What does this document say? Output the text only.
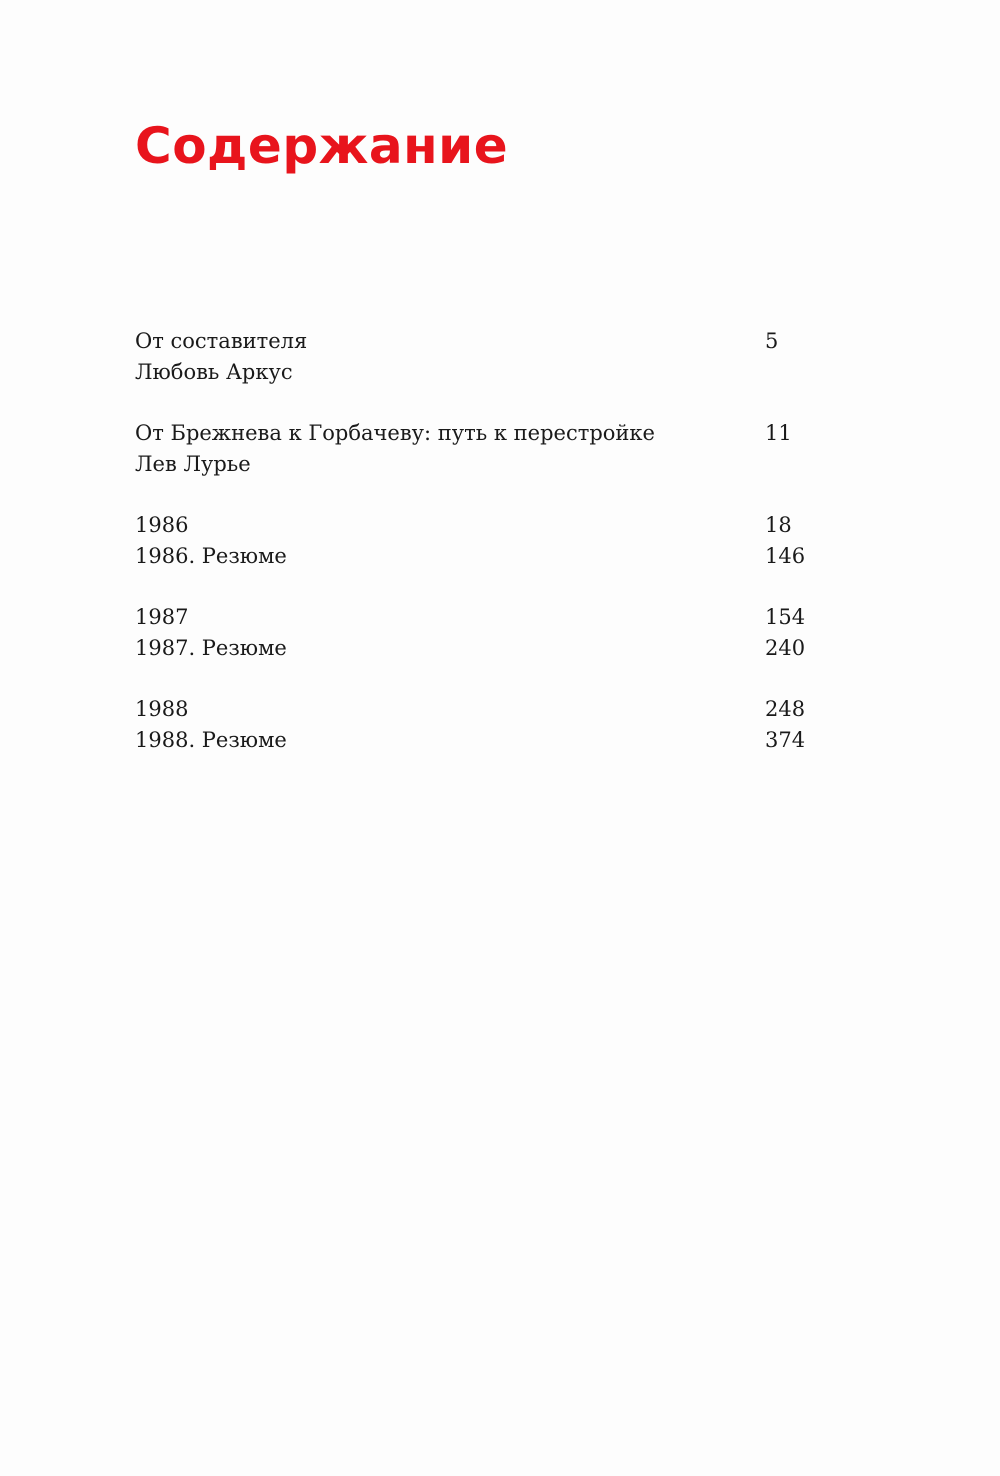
Содержание
От составителя	5
Любовь Аркус
От Брежнева к Горбачеву: путь к перестройке	11
Лев Лурье
1986	18
1986. Резюме	146
1987	154
1987. Резюме	240
1988	248
1988. Резюме	374
